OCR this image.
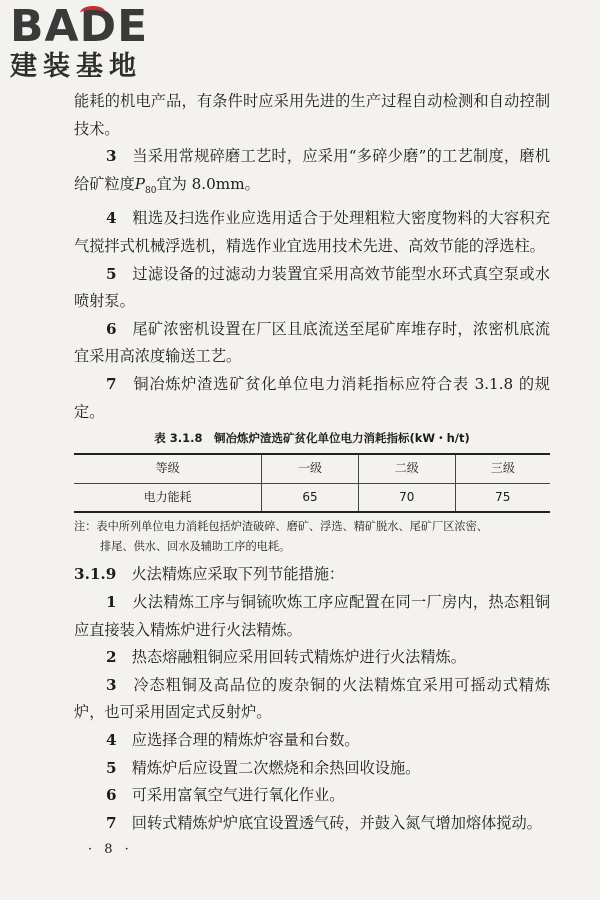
BADE
建装基地

能耗的机电产品，有条件时应采用先进的生产过程自动检测和自动控制技术。

3　 当采用常规碎磨工艺时，应采用“多碎少磨”的工艺制度，磨机给矿粒度$P_{80}$宜为 8.0mm。

4　 粗选及扫选作业应选用适合于处理粗粒大密度物料的大容积充气搅拌式机械浮选机，精选作业宜选用技术先进、高效节能的浮选柱。

5　 过滤设备的过滤动力装置宜采用高效节能型水环式真空泵或水喷射泵。

6　 尾矿浓密机设置在厂区且底流送至尾矿库堆存时，浓密机底流宜采用高浓度输送工艺。

7　 铜冶炼炉渣选矿贫化单位电力消耗指标应符合表 3.1.8 的规定。

表 3.1.8　铜冶炼炉渣选矿贫化单位电力消耗指标(kW・h/t)
等级	一级	二级	三级
电力能耗	65	70	75
注：表中所列单位电力消耗包括炉渣破碎、磨矿、浮选、精矿脱水、尾矿厂区浓密、
排尾、供水、回水及辅助工序的电耗。

3.1.9　 火法精炼应采取下列节能措施：

1　 火法精炼工序与铜锍吹炼工序应配置在同一厂房内，热态粗铜应直接装入精炼炉进行火法精炼。

2　 热态熔融粗铜应采用回转式精炼炉进行火法精炼。

3　 冷态粗铜及高品位的废杂铜的火法精炼宜采用可摇动式精炼炉，也可采用固定式反射炉。

4　 应选择合理的精炼炉容量和台数。

5　 精炼炉后应设置二次燃烧和余热回收设施。

6　 可采用富氧空气进行氧化作业。

7　 回转式精炼炉炉底宜设置透气砖，并鼓入氮气增加熔体搅动。

· 8 ·
